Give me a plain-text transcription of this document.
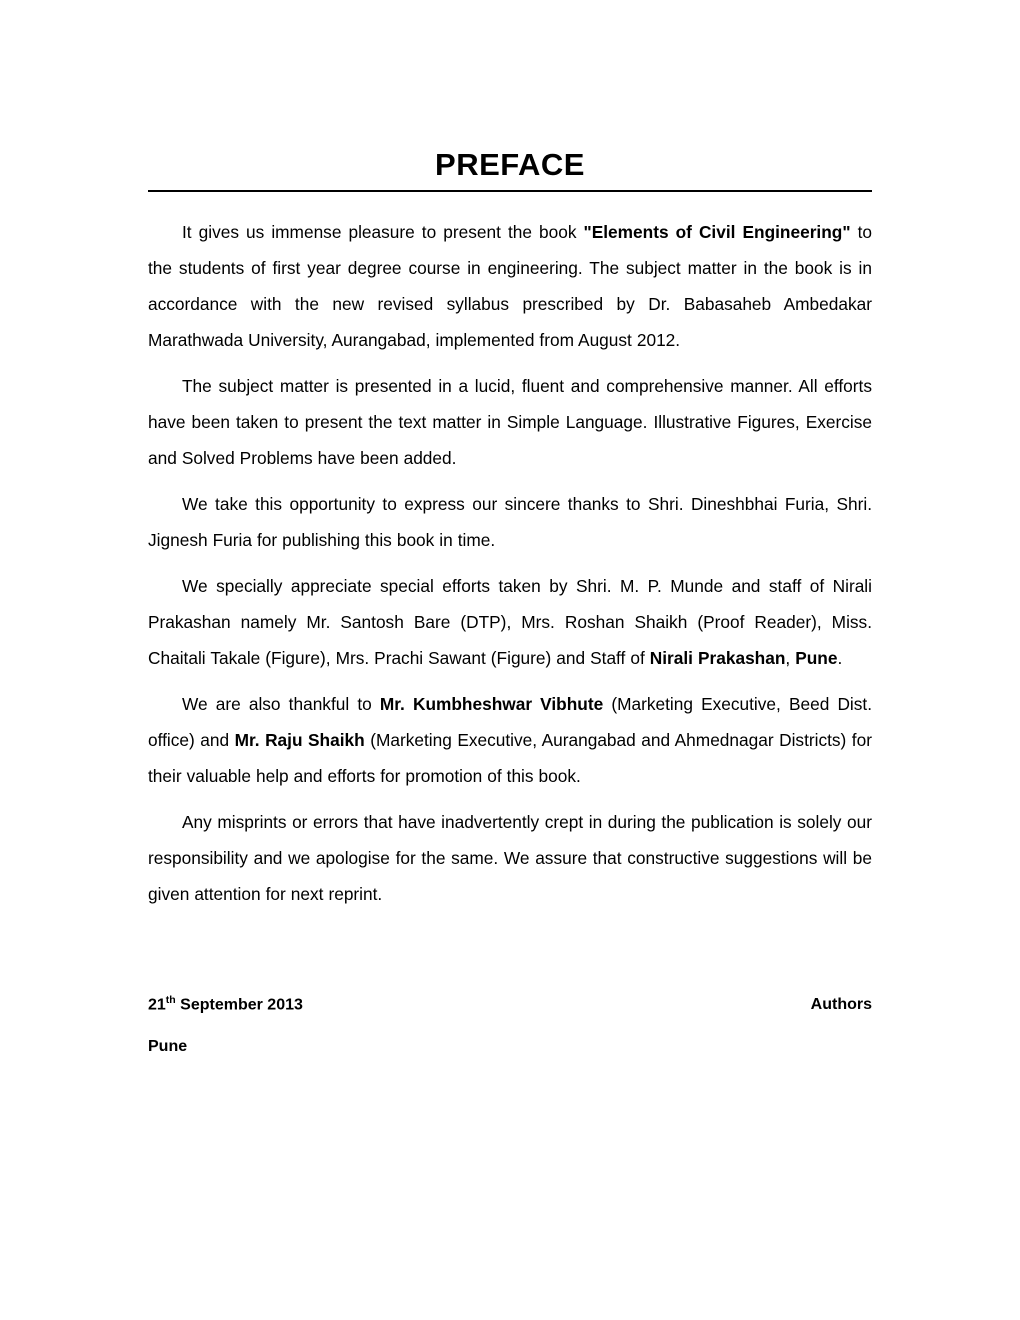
PREFACE

It gives us immense pleasure to present the book "Elements of Civil Engineering" to the students of first year degree course in engineering. The subject matter in the book is in accordance with the new revised syllabus prescribed by Dr. Babasaheb Ambedakar Marathwada University, Aurangabad, implemented from August 2012.

The subject matter is presented in a lucid, fluent and comprehensive manner. All efforts have been taken to present the text matter in Simple Language. Illustrative Figures, Exercise and Solved Problems have been added.

We take this opportunity to express our sincere thanks to Shri. Dineshbhai Furia, Shri. Jignesh Furia for publishing this book in time.

We specially appreciate special efforts taken by Shri. M. P. Munde and staff of Nirali Prakashan namely Mr. Santosh Bare (DTP), Mrs. Roshan Shaikh (Proof Reader), Miss. Chaitali Takale (Figure), Mrs. Prachi Sawant (Figure) and Staff of Nirali Prakashan, Pune.

We are also thankful to Mr. Kumbheshwar Vibhute (Marketing Executive, Beed Dist. office) and Mr. Raju Shaikh (Marketing Executive, Aurangabad and Ahmednagar Districts) for their valuable help and efforts for promotion of this book.

Any misprints or errors that have inadvertently crept in during the publication is solely our responsibility and we apologise for the same. We assure that constructive suggestions will be given attention for next reprint.

21th September 2013	Authors
Pune
